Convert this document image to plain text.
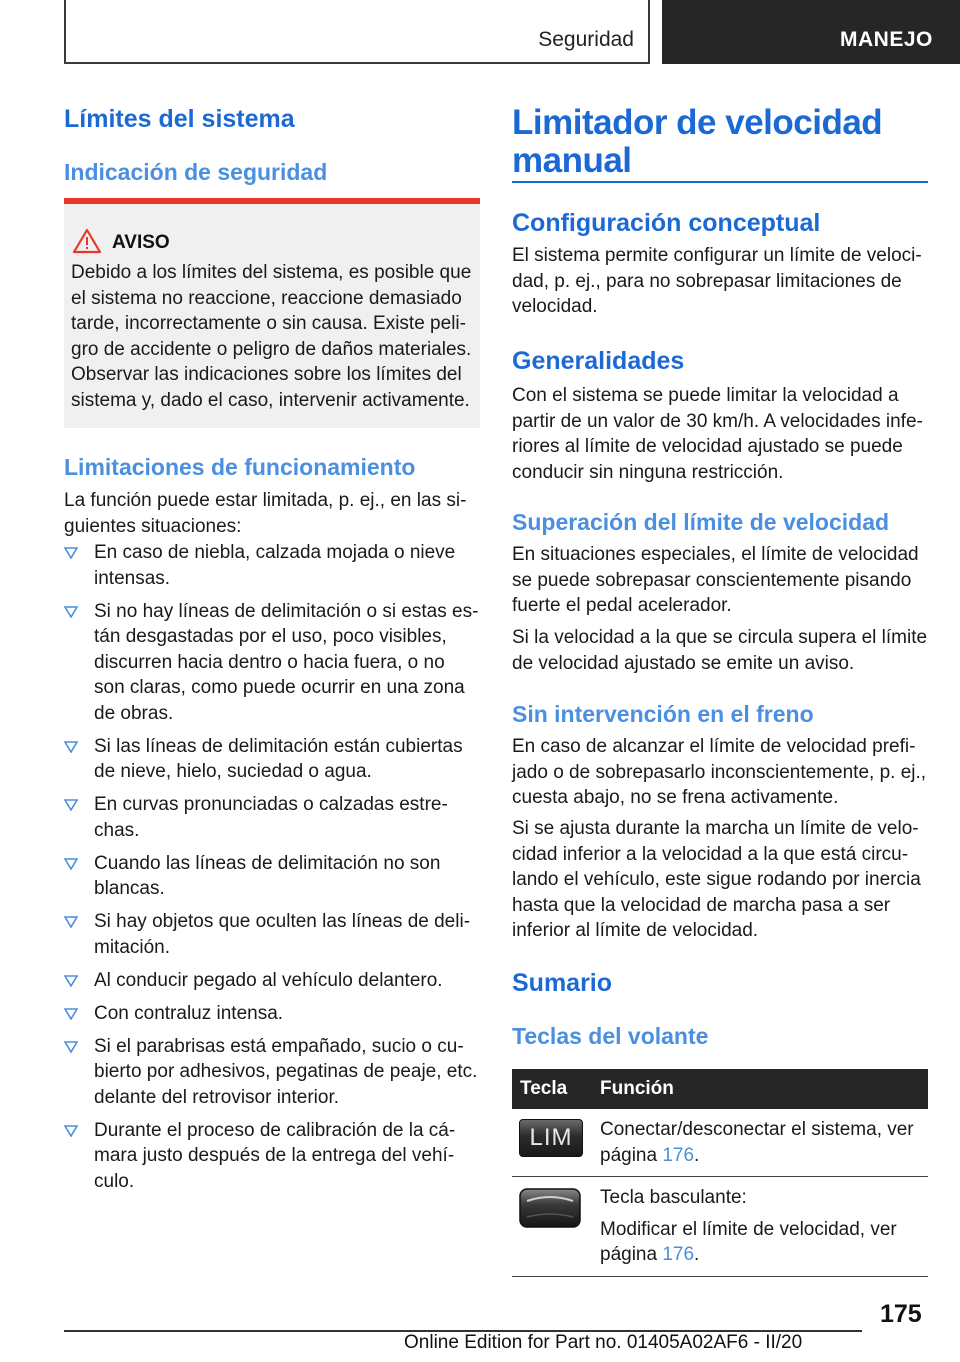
Seguridad	MANEJO
Límites del sistema
Indicación de seguridad
AVISO
Debido a los límites del sistema, es posible que el sistema no reaccione, reaccione demasiado tarde, incorrectamente o sin causa. Existe peligro de accidente o peligro de daños materiales. Observar las indicaciones sobre los límites del sistema y, dado el caso, intervenir activamente.
Limitaciones de funcionamiento
La función puede estar limitada, p. ej., en las siguientes situaciones:
En caso de niebla, calzada mojada o nieve intensas.
Si no hay líneas de delimitación o si estas están desgastadas por el uso, poco visibles, discurren hacia dentro o hacia fuera, o no son claras, como puede ocurrir en una zona de obras.
Si las líneas de delimitación están cubiertas de nieve, hielo, suciedad o agua.
En curvas pronunciadas o calzadas estrechas.
Cuando las líneas de delimitación no son blancas.
Si hay objetos que oculten las líneas de delimitación.
Al conducir pegado al vehículo delantero.
Con contraluz intensa.
Si el parabrisas está empañado, sucio o cubierto por adhesivos, pegatinas de peaje, etc. delante del retrovisor interior.
Durante el proceso de calibración de la cámara justo después de la entrega del vehículo.
Limitador de velocidad manual
Configuración conceptual
El sistema permite configurar un límite de velocidad, p. ej., para no sobrepasar limitaciones de velocidad.
Generalidades
Con el sistema se puede limitar la velocidad a partir de un valor de 30 km/h. A velocidades inferiores al límite de velocidad ajustado se puede conducir sin ninguna restricción.
Superación del límite de velocidad
En situaciones especiales, el límite de velocidad se puede sobrepasar conscientemente pisando fuerte el pedal acelerador.
Si la velocidad a la que se circula supera el límite de velocidad ajustado se emite un aviso.
Sin intervención en el freno
En caso de alcanzar el límite de velocidad prefijado o de sobrepasarlo inconscientemente, p. ej., cuesta abajo, no se frena activamente.
Si se ajusta durante la marcha un límite de velocidad inferior a la velocidad a la que está circulando el vehículo, este sigue rodando por inercia hasta que la velocidad de marcha pasa a ser inferior al límite de velocidad.
Sumario
Teclas del volante
Tecla	Función

LIM	Conectar/desconectar el sistema, ver página 176.

Tecla basculante:

Modificar el límite de velocidad, ver página 176.

175
Online Edition for Part no. 01405A02AF6 - II/20
